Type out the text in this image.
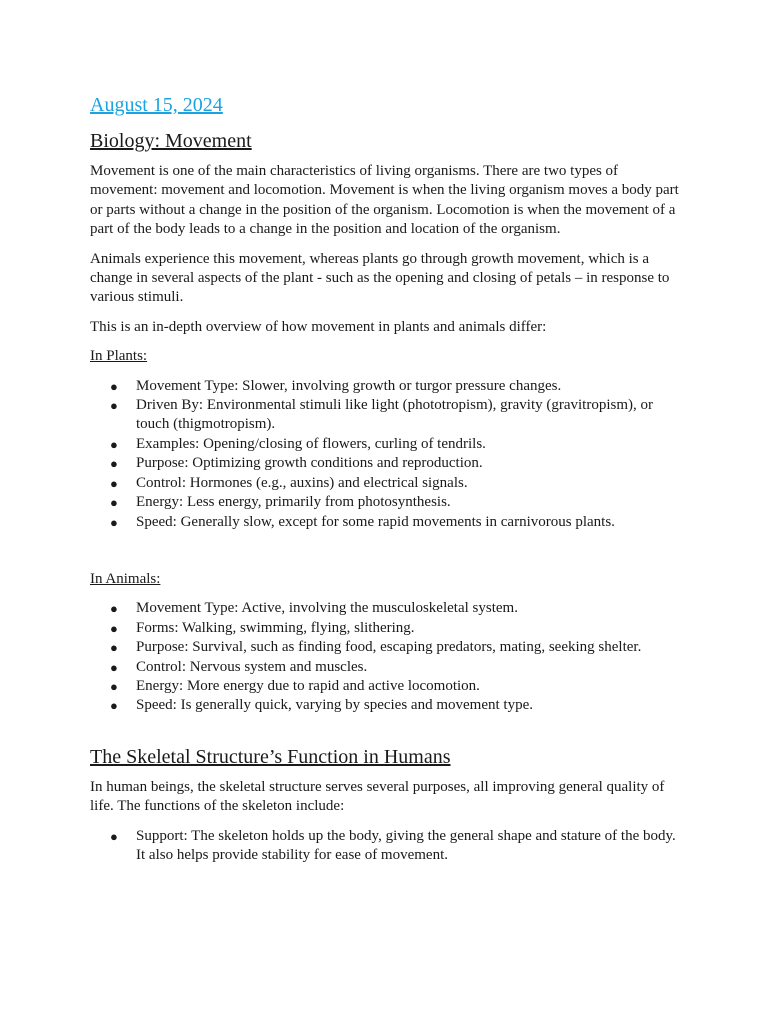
August 15, 2024
Biology: Movement

Movement is one of the main characteristics of living organisms. There are two types of movement: movement and locomotion. Movement is when the living organism moves a body part or parts without a change in the position of the organism. Locomotion is when the movement of a part of the body leads to a change in the position and location of the organism.

Animals experience this movement, whereas plants go through growth movement, which is a change in several aspects of the plant - such as the opening and closing of petals – in response to various stimuli.

This is an in-depth overview of how movement in plants and animals differ:

In Plants:
● Movement Type: Slower, involving growth or turgor pressure changes.
● Driven By: Environmental stimuli like light (phototropism), gravity (gravitropism), or touch (thigmotropism).
● Examples: Opening/closing of flowers, curling of tendrils.
● Purpose: Optimizing growth conditions and reproduction.
● Control: Hormones (e.g., auxins) and electrical signals.
● Energy: Less energy, primarily from photosynthesis.
● Speed: Generally slow, except for some rapid movements in carnivorous plants.
In Animals:
● Movement Type: Active, involving the musculoskeletal system.
● Forms: Walking, swimming, flying, slithering.
● Purpose: Survival, such as finding food, escaping predators, mating, seeking shelter.
● Control: Nervous system and muscles.
● Energy: More energy due to rapid and active locomotion.
● Speed: Is generally quick, varying by species and movement type.
The Skeletal Structure’s Function in Humans

In human beings, the skeletal structure serves several purposes, all improving general quality of life. The functions of the skeleton include:

● Support: The skeleton holds up the body, giving the general shape and stature of the body. It also helps provide stability for ease of movement.
